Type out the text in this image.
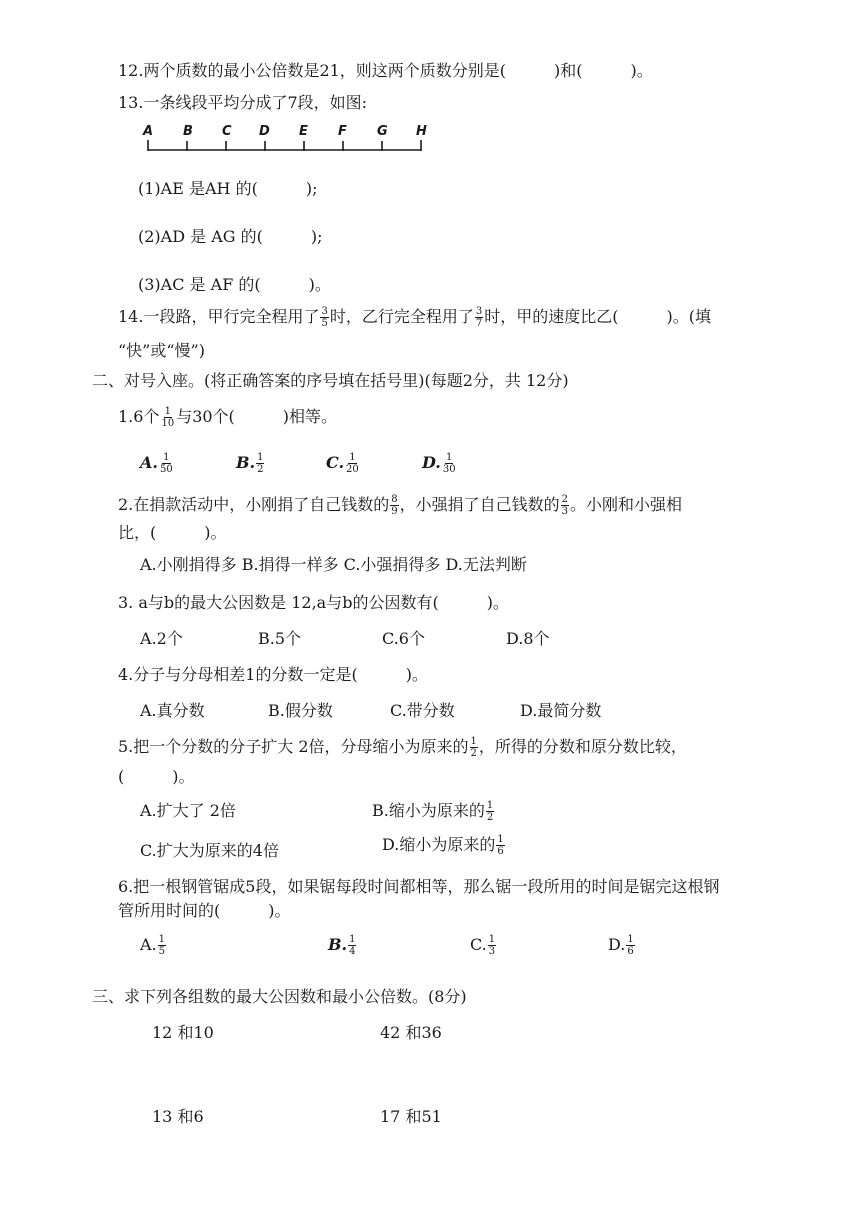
12.两个质数的最小公倍数是21，则这两个质数分别是(　　　)和(　　　)。
13.一条线段平均分成了7段，如图:
A B C D E F G H
(1)AE 是AH 的(　　　);
(2)AD 是 AG 的(　　　);
(3)AC 是 AF 的(　　　)。
14.一段路，甲行完全程用了 $\frac{3}{5}$ 时，乙行完全程用了 $\frac{3}{7}$ 时，甲的速度比乙(　　　)。(填
“快”或“慢”)
二、对号入座。(将正确答案的序号填在括号里)(每题2分，共 12分)
1.6个 $\frac{1}{10}$ 与30个(　　　)相等。
A. $\frac{1}{50}$	B. $\frac{1}{2}$	C. $\frac{1}{20}$	D. $\frac{1}{30}$
2.在捐款活动中，小刚捐了自己钱数的 $\frac{8}{9}$ ，小强捐了自己钱数的 $\frac{2}{3}$ 。小刚和小强相
比，(　　　)。
A.小刚捐得多 B.捐得一样多 C.小强捐得多 D.无法判断
3. a与b的最大公因数是 12,a与b的公因数有(　　　)。
A.2个	B.5个	C.6个	D.8个
4.分子与分母相差1的分数一定是(　　　)。
A.真分数	B.假分数	C.带分数	D.最简分数
5.把一个分数的分子扩大 2倍，分母缩小为原来的 $\frac{1}{2}$ ，所得的分数和原分数比较，
(　　　)。
A.扩大了 2倍	B.缩小为原来的 $\frac{1}{2}$
C.扩大为原来的4倍	D.缩小为原来的 $\frac{1}{6}$
6.把一根钢管锯成5段，如果锯每段时间都相等，那么锯一段所用的时间是锯完这根钢
管所用时间的(　　　)。
A. $\frac{1}{5}$	B. $\frac{1}{4}$	C. $\frac{1}{3}$	D. $\frac{1}{6}$
三、求下列各组数的最大公因数和最小公倍数。(8分)
12 和10	42 和36
13 和6	17 和51
